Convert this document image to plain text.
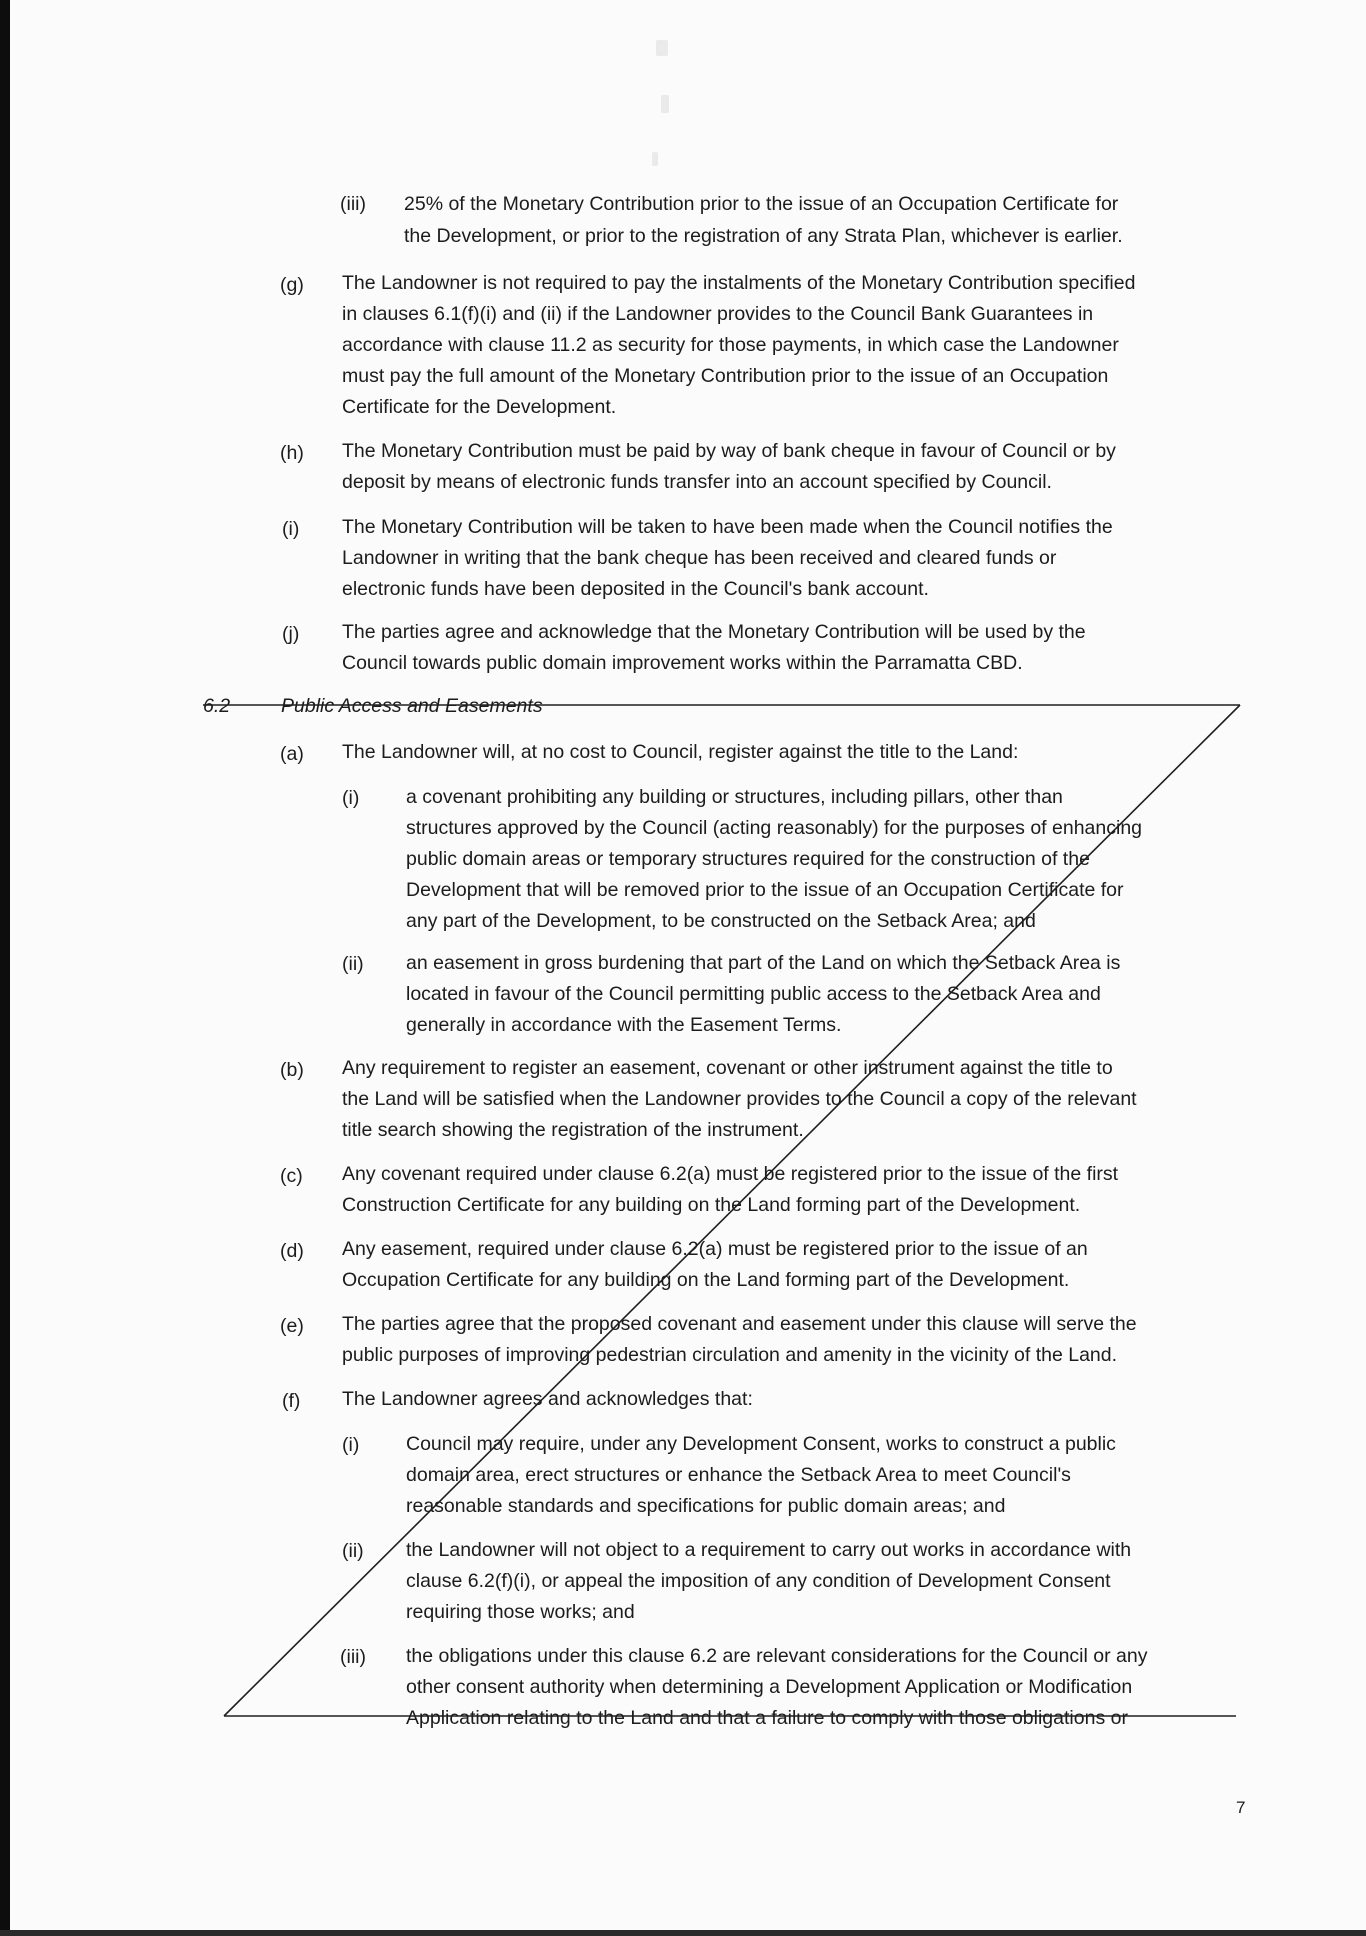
(iii) 25% of the Monetary Contribution prior to the issue of an Occupation Certificate for
the Development, or prior to the registration of any Strata Plan, whichever is earlier.
(g) The Landowner is not required to pay the instalments of the Monetary Contribution specified
in clauses 6.1(f)(i) and (ii) if the Landowner provides to the Council Bank Guarantees in
accordance with clause 11.2 as security for those payments, in which case the Landowner
must pay the full amount of the Monetary Contribution prior to the issue of an Occupation
Certificate for the Development.
(h) The Monetary Contribution must be paid by way of bank cheque in favour of Council or by
deposit by means of electronic funds transfer into an account specified by Council.
(i) The Monetary Contribution will be taken to have been made when the Council notifies the
Landowner in writing that the bank cheque has been received and cleared funds or
electronic funds have been deposited in the Council's bank account.
(j) The parties agree and acknowledge that the Monetary Contribution will be used by the
Council towards public domain improvement works within the Parramatta CBD.
6.2	Public Access and Easements
(a) The Landowner will, at no cost to Council, register against the title to the Land:
(i) a covenant prohibiting any building or structures, including pillars, other than
structures approved by the Council (acting reasonably) for the purposes of enhancing
public domain areas or temporary structures required for the construction of the
Development that will be removed prior to the issue of an Occupation Certificate for
any part of the Development, to be constructed on the Setback Area; and
(ii) an easement in gross burdening that part of the Land on which the Setback Area is
located in favour of the Council permitting public access to the Setback Area and
generally in accordance with the Easement Terms.
(b) Any requirement to register an easement, covenant or other instrument against the title to
the Land will be satisfied when the Landowner provides to the Council a copy of the relevant
title search showing the registration of the instrument.
(c) Any covenant required under clause 6.2(a) must be registered prior to the issue of the first
Construction Certificate for any building on the Land forming part of the Development.
(d) Any easement, required under clause 6.2(a) must be registered prior to the issue of an
Occupation Certificate for any building on the Land forming part of the Development.
(e) The parties agree that the proposed covenant and easement under this clause will serve the
public purposes of improving pedestrian circulation and amenity in the vicinity of the Land.
(f) The Landowner agrees and acknowledges that:
(i) Council may require, under any Development Consent, works to construct a public
domain area, erect structures or enhance the Setback Area to meet Council's
reasonable standards and specifications for public domain areas; and
(ii) the Landowner will not object to a requirement to carry out works in accordance with
clause 6.2(f)(i), or appeal the imposition of any condition of Development Consent
requiring those works; and
(iii) the obligations under this clause 6.2 are relevant considerations for the Council or any
other consent authority when determining a Development Application or Modification
Application relating to the Land and that a failure to comply with those obligations or
7
